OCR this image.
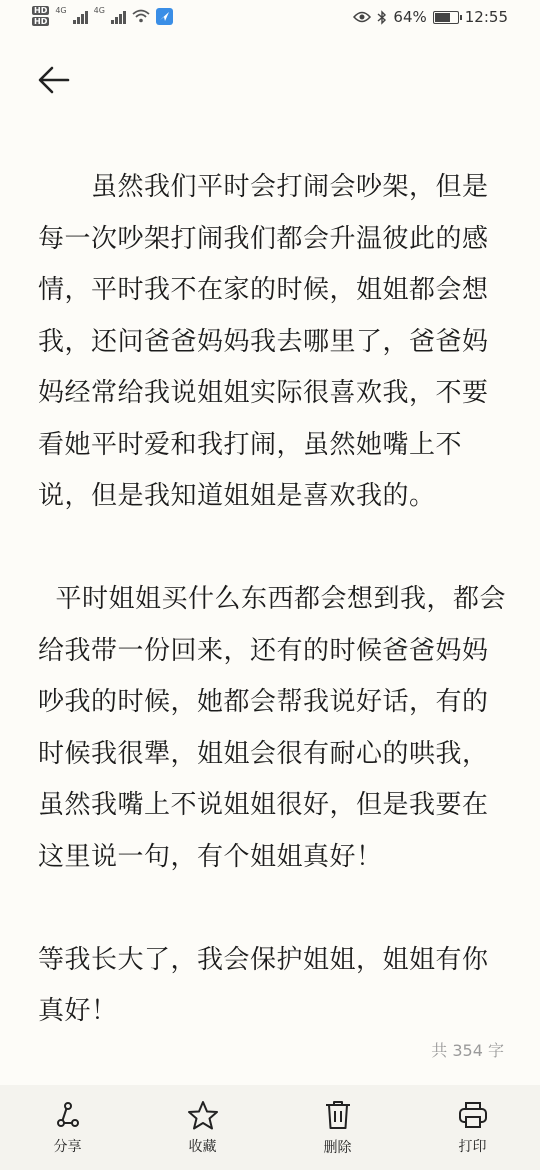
HD
HD
4G	4G	64%	12:55

　　虽然我们平时会打闹会吵架，但是每一次吵架打闹我们都会升温彼此的感情，平时我不在家的时候，姐姐都会想我，还问爸爸妈妈我去哪里了，爸爸妈妈经常给我说姐姐实际很喜欢我，不要看她平时爱和我打闹，虽然她嘴上不说，但是我知道姐姐是喜欢我的。

平时姐姐买什么东西都会想到我，都会给我带一份回来，还有的时候爸爸妈妈吵我的时候，她都会帮我说好话，有的时候我很犟，姐姐会很有耐心的哄我，虽然我嘴上不说姐姐很好，但是我要在这里说一句，有个姐姐真好！

等我长大了，我会保护姐姐，姐姐有你真好！

共 354 字
分享	收藏	删除	打印
